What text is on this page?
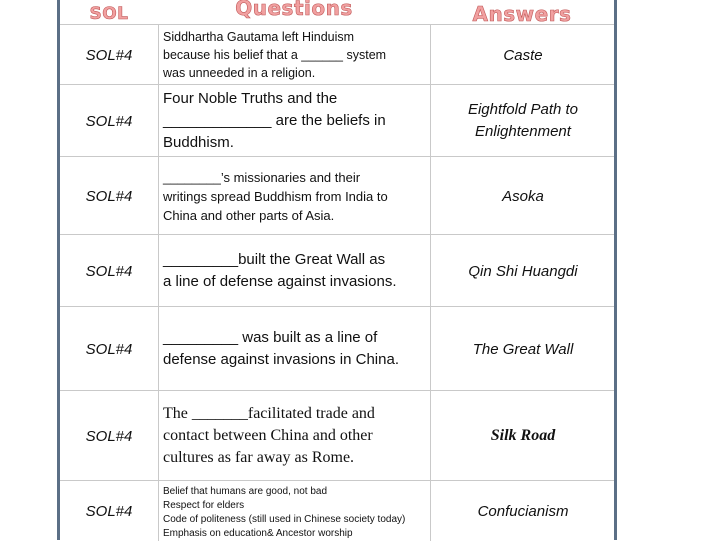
SOL	Questions	Answers
SOL#4
Siddhartha Gautama left Hinduism
because his belief that a ______ system
was unneeded in a religion.
Caste
SOL#4
Four Noble Truths and the
_____________ are the beliefs in
Buddhism.
Eightfold Path to Enlightenment
SOL#4
________’s missionaries and their
writings spread Buddhism from India to
China and other parts of Asia.
Asoka
SOL#4
_________built the Great Wall as
a line of defense against invasions.
Qin Shi Huangdi
SOL#4
_________ was built as a line of
defense against invasions in China.
The Great Wall
SOL#4
The _______facilitated trade and
contact between China and other
cultures as far away as Rome.
Silk Road
SOL#4
Belief that humans are good, not bad
Respect for elders
Code of politeness (still used in Chinese society today)
Emphasis on education& Ancestor worship
Confucianism
